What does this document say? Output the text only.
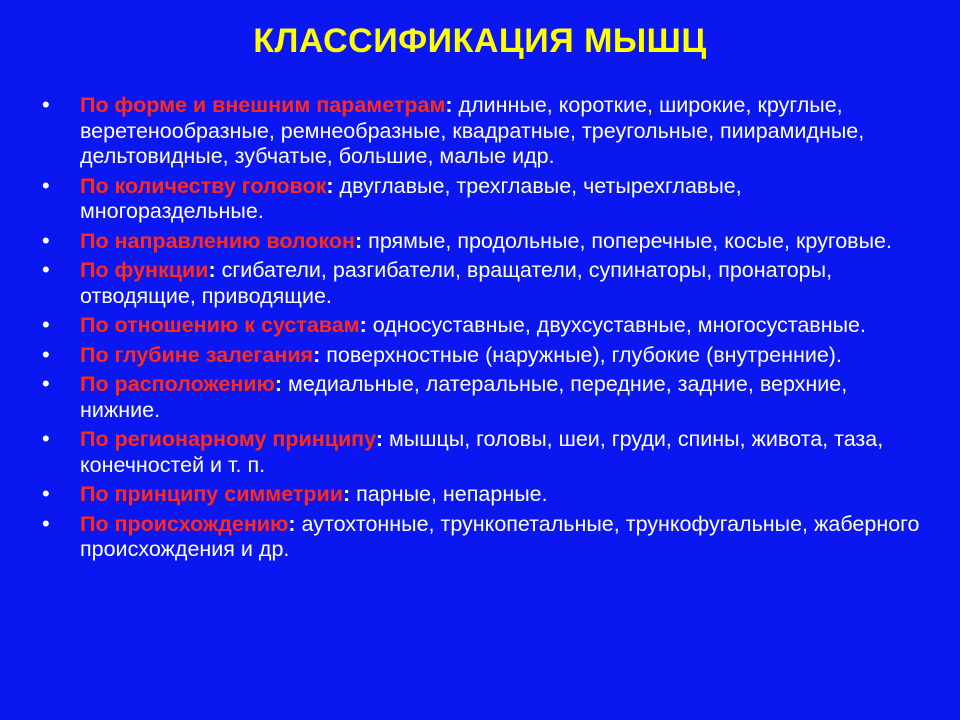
КЛАССИФИКАЦИЯ МЫШЦ
• По форме и внешним параметрам: длинные, короткие, широкие, круглые, веретенообразные, ремнеобразные, квадратные, треугольные, пиирамидные, дельтовидные, зубчатые, большие, малые идр.
• По количеству головок: двуглавые, трехглавые, четырехглавые, многораздельные.
• По направлению волокон: прямые, продольные, поперечные, косые, круговые.
• По функции: сгибатели, разгибатели, вращатели, супинаторы, пронаторы, отводящие, приводящие.
• По отношению к суставам: односуставные, двухсуставные, многосуставные.
• По глубине залегания: поверхностные (наружные), глубокие (внутренние).
• По расположению: медиальные, латеральные, передние, задние, верхние, нижние.
• По регионарному принципу: мышцы, головы, шеи, груди, спины, живота, таза, конечностей и т. п.
• По принципу симметрии: парные, непарные.
• По происхождению: аутохтонные, трункопетальные, трункофугальные, жаберного происхождения и др.
